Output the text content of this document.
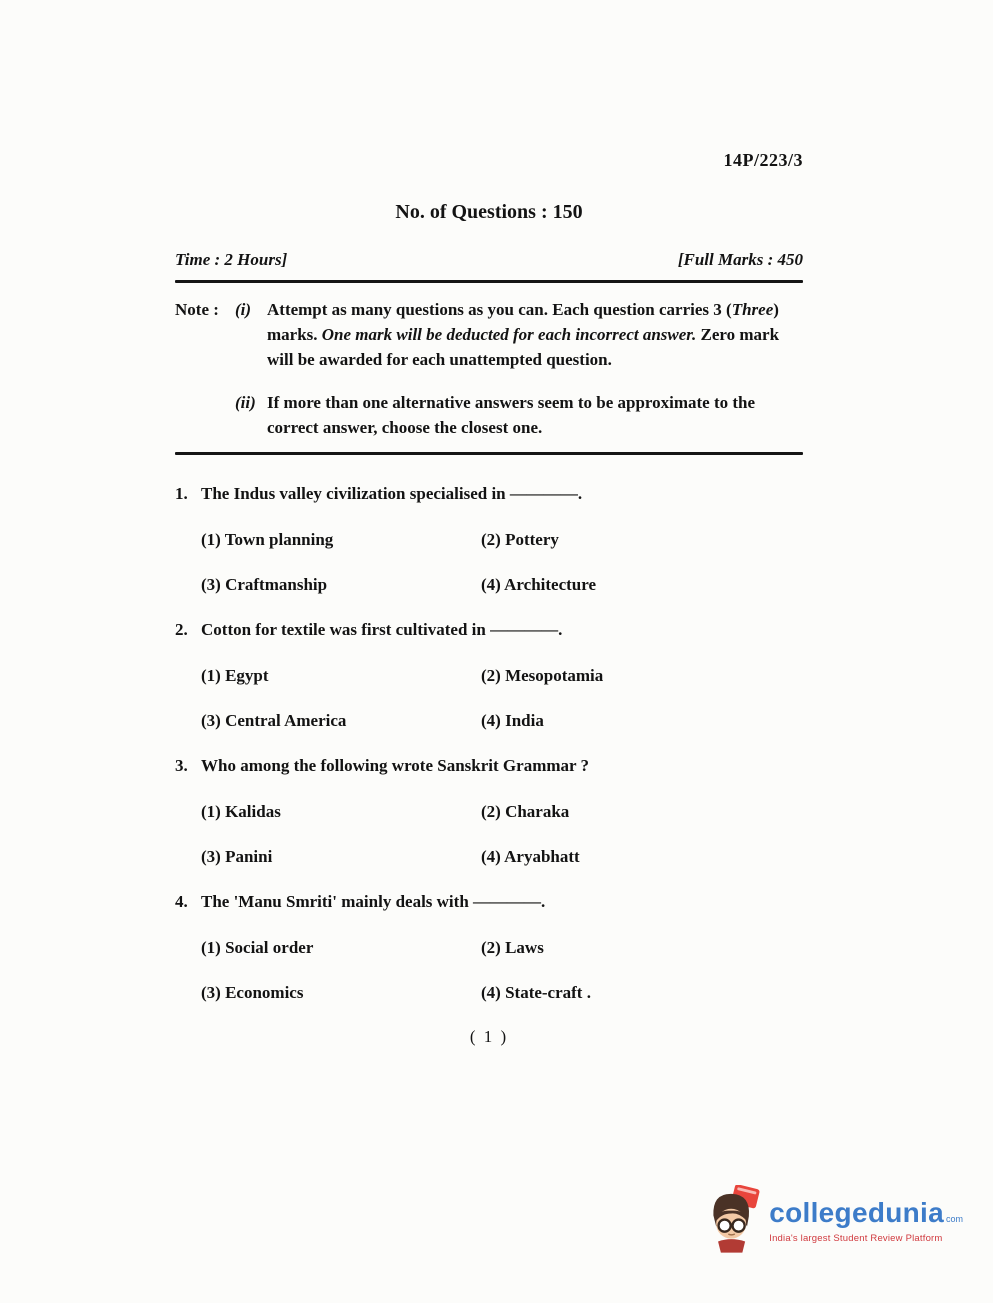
14P/223/3
No. of Questions : 150
Time : 2 Hours]	[Full Marks : 450
Note : (i) Attempt as many questions as you can. Each question carries 3 (Three) marks. One mark will be deducted for each incorrect answer. Zero mark will be awarded for each unattempted question.
(ii) If more than one alternative answers seem to be approximate to the correct answer, choose the closest one.
1. The Indus valley civilization specialised in ————.
(1) Town planning	(2) Pottery
(3) Craftmanship	(4) Architecture
2. Cotton for textile was first cultivated in ————.
(1) Egypt	(2) Mesopotamia
(3) Central America	(4) India
3. Who among the following wrote Sanskrit Grammar ?
(1) Kalidas	(2) Charaka
(3) Panini	(4) Aryabhatt
4. The 'Manu Smriti' mainly deals with ————.
(1) Social order	(2) Laws
(3) Economics	(4) State-craft .
( 1 )
collegedunia com
India's largest Student Review Platform
